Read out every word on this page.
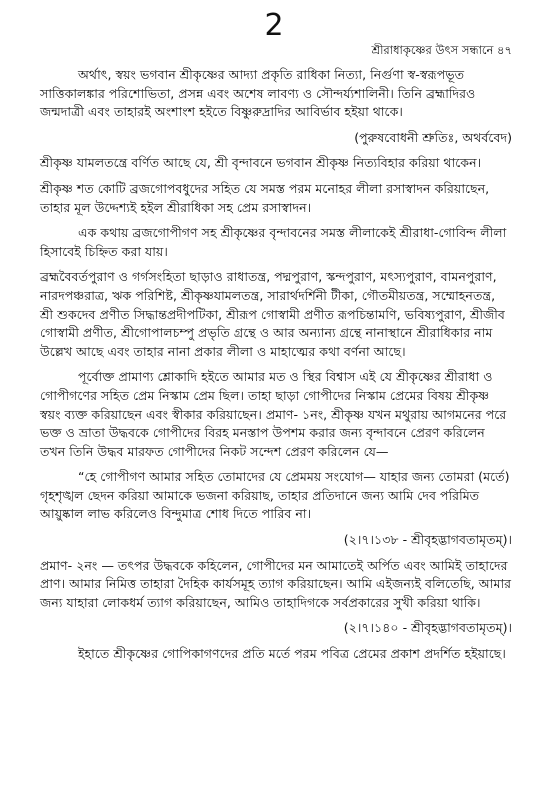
2
শ্রীরাধাকৃষ্ণের উৎস সন্ধানে ৪৭

অর্থাৎ, স্বয়ং ভগবান শ্রীকৃষ্ণের আদ্যা প্রকৃতি রাধিকা নিত্যা, নির্গুণা স্ব-স্বরূপভূত সাত্তিকালঙ্কার পরিশোভিতা, প্রসন্ন এবং অশেষ লাবণ্য ও সৌন্দর্য্যশালিনী। তিনি ব্রহ্মাদিরও জন্মদাত্রী এবং তাহারই অংশাংশ হইতে বিষ্ণুরুদ্রাদির আবির্ভাব হইয়া থাকে।

(পুরুষবোধনী শ্রুতিঃ, অথর্ববেদ)

শ্রীকৃষ্ণ যামলতন্ত্রে বর্ণিত আছে যে, শ্রী বৃন্দাবনে ভগবান শ্রীকৃষ্ণ নিত্যবিহার করিয়া থাকেন।

শ্রীকৃষ্ণ শত কোটি ব্রজগোপবধুদের সহিত যে সমস্ত পরম মনোহর লীলা রসাস্বাদন করিয়াছেন, তাহার মূল উদ্দেশ্যই হইল শ্রীরাধিকা সহ প্রেম রসাস্বাদন।

এক কথায় ব্রজগোপীগণ সহ শ্রীকৃষ্ণের বৃন্দাবনের সমস্ত লীলাকেই শ্রীরাধা-গোবিন্দ লীলা হিসাবেই চিহ্নিত করা যায়।

ব্রহ্মবৈবর্তপুরাণ ও গর্গসংহিতা ছাড়াও রাধাতন্ত্র, পদ্মপুরাণ, স্কন্দপুরাণ, মৎস্যপুরাণ, বামনপুরাণ, নারদপঞ্চরাত্র, ঋক পরিশিষ্ট, শ্রীকৃষ্ণযামলতন্ত্র, সারার্থদর্শিনী টীকা, গৌতমীয়তন্ত্র, সম্মোহনতন্ত্র, শ্রী শুকদেব প্রণীত সিদ্ধান্তপ্রদীপটিকা, শ্রীরূপ গোস্বামী প্রণীত রূপচিন্তামণি, ভবিষ্যপুরাণ, শ্রীজীব গোস্বামী প্রণীত, শ্রীগোপালচম্পু প্রভৃতি গ্রন্থে ও আর অন্যান্য গ্রন্থে নানাস্থানে শ্রীরাধিকার নাম উল্লেখ আছে এবং তাহার নানা প্রকার লীলা ও মাহাত্মের কথা বর্ণনা আছে।

পূর্বোক্ত প্রামাণ্য শ্লোকাদি হইতে আমার মত ও স্থির বিশ্বাস এই যে শ্রীকৃষ্ণের শ্রীরাধা ও গোপীগণের সহিত প্রেম নিস্কাম প্রেম ছিল। তাহা ছাড়া গোপীদের নিস্কাম প্রেমের বিষয় শ্রীকৃষ্ণ স্বয়ং ব্যক্ত করিয়াছেন এবং স্বীকার করিয়াছেন। প্রমাণ- ১নং, শ্রীকৃষ্ণ যখন মথুরায় আগমনের পরে ভক্ত ও ভ্রাতা উদ্ধবকে গোপীদের বিরহ মনস্তাপ উপশম করার জন্য বৃন্দাবনে প্রেরণ করিলেন তখন তিনি উদ্ধব মারফত গোপীদের নিকট সন্দেশ প্রেরণ করিলেন যে—

“হে গোপীগণ আমার সহিত তোমাদের যে প্রেমময় সংযোগ— যাহার জন্য তোমরা (মর্তে) গৃহশৃঙ্খল ছেদন করিয়া আমাকে ভজনা করিয়াছ, তাহার প্রতিদানে জন্য আমি দেব পরিমিত আয়ুষ্কাল লাভ করিলেও বিন্দুমাত্র শোধ দিতে পারিব না।

(২।৭।১৩৮ - শ্রীবৃহদ্ভাগবতামৃতম্)।

প্রমাণ- ২নং — তৎপর উদ্ধবকে কহিলেন, গোপীদের মন আমাতেই অর্পিত এবং আমিই তাহাদের প্রাণ। আমার নিমিত্ত তাহারা দৈহিক কার্যসমূহ ত্যাগ করিয়াছেন। আমি এইজন্যই বলিতেছি, আমার জন্য যাহারা লোকধর্ম ত্যাগ করিয়াছেন, আমিও তাহাদিগকে সর্বপ্রকারের সুখী করিয়া থাকি।

(২।৭।১৪০ - শ্রীবৃহদ্ভাগবতামৃতম্)।

ইহাতে শ্রীকৃষ্ণের গোপিকাগণদের প্রতি মর্তে পরম পবিত্র প্রেমের প্রকাশ প্রদর্শিত হইয়াছে।
